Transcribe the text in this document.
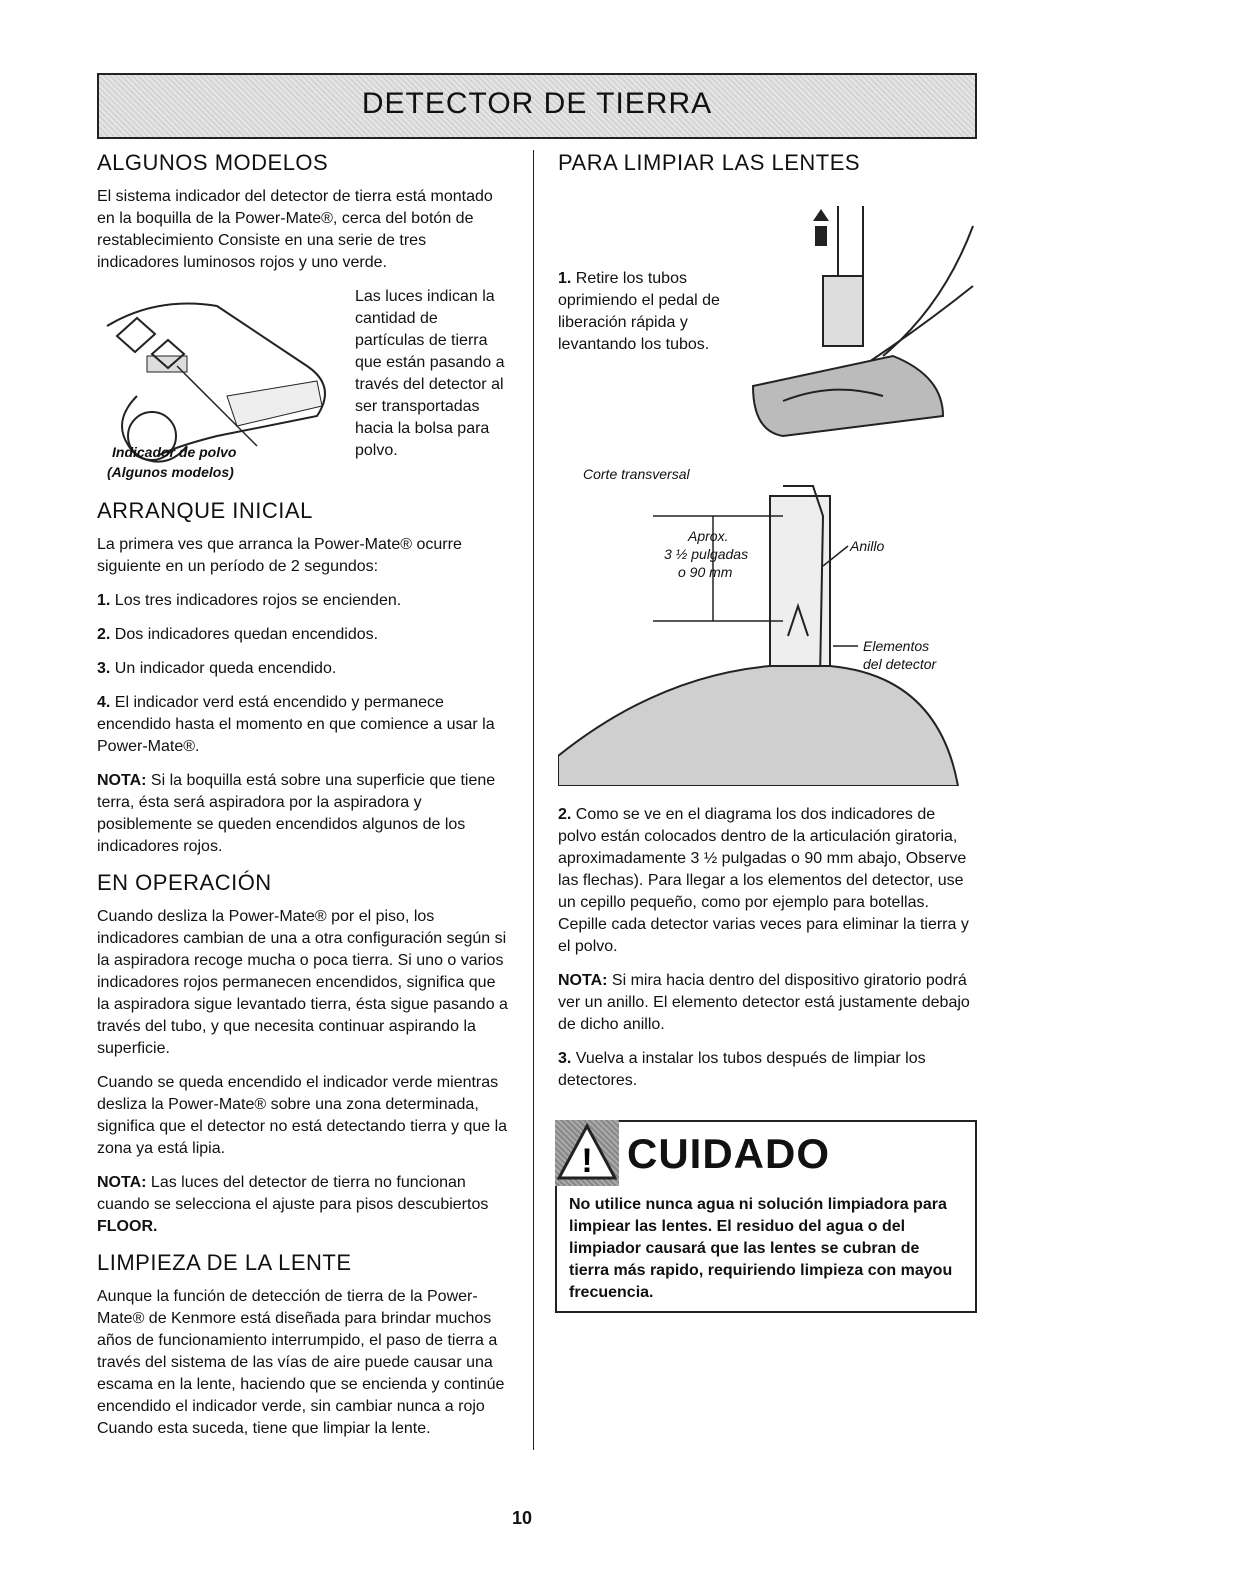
DETECTOR DE TIERRA
ALGUNOS MODELOS

El sistema indicador del detector de tierra está montado en la boquilla de la Power-Mate®, cerca del botón de restablecimiento Consiste en una serie de tres indicadores luminosos rojos y uno verde.

Indicador de polvo
(Algunos modelos)

Las luces indican la cantidad de partículas de tierra que están pasando a través del detector al ser transportadas hacia la bolsa para polvo.

ARRANQUE INICIAL

La primera ves que arranca la Power-Mate® ocurre siguiente en un período de 2 segundos:

1. Los tres indicadores rojos se encienden.

2. Dos indicadores quedan encendidos.

3. Un indicador queda encendido.

4. El indicador verd está encendido y permanece encendido hasta el momento en que comience a usar la Power-Mate®.

NOTA: Si la boquilla está sobre una superficie que tiene terra, ésta será aspiradora por la aspiradora y posiblemente se queden encendidos algunos de los indicadores rojos.

EN OPERACIÓN

Cuando desliza la Power-Mate® por el piso, los indicadores cambian de una a otra configuración según si la aspiradora recoge mucha o poca tierra. Si uno o varios indicadores rojos permanecen encendidos, significa que la aspiradora sigue levantado tierra, ésta sigue pasando a través del tubo, y que necesita continuar aspirando la superficie.

Cuando se queda encendido el indicador verde mientras desliza la Power-Mate® sobre una zona determinada, significa que el detector no está detectando tierra y que la zona ya está lipia.

NOTA: Las luces del detector de tierra no funcionan cuando se selecciona el ajuste para pisos descubiertos FLOOR.

LIMPIEZA DE LA LENTE

Aunque la función de detección de tierra de la Power-Mate® de Kenmore está diseñada para brindar muchos años de funcionamiento interrumpido, el paso de tierra a través del sistema de las vías de aire puede causar una escama en la lente, haciendo que se encienda y continúe encendido el indicador verde, sin cambiar nunca a rojo Cuando esta suceda, tiene que limpiar la lente.

PARA LIMPIAR LAS LENTES

1. Retire los tubos oprimiendo el pedal de liberación rápida y levantando los tubos.

Corte transversal
Aprox.
3 ½ pulgadas
o 90 mm
Anillo
Elementos
del detector

2. Como se ve en el diagrama los dos indicadores de polvo están colocados dentro de la articulación giratoria, aproximadamente 3 ½ pulgadas o 90 mm abajo, Observe las flechas). Para llegar a los elementos del detector, use un cepillo pequeño, como por ejemplo para botellas. Cepille cada detector varias veces para eliminar la tierra y el polvo.

NOTA: Si mira hacia dentro del dispositivo giratorio podrá ver un anillo. El elemento detector está justamente debajo de dicho anillo.

3. Vuelva a instalar los tubos después de limpiar los detectores.

! CUIDADO
No utilice nunca agua ni solución limpiadora para limpiear las lentes. El residuo del agua o del limpiador causará que las lentes se cubran de tierra más rapido, requiriendo limpieza con mayou frecuencia.
10
